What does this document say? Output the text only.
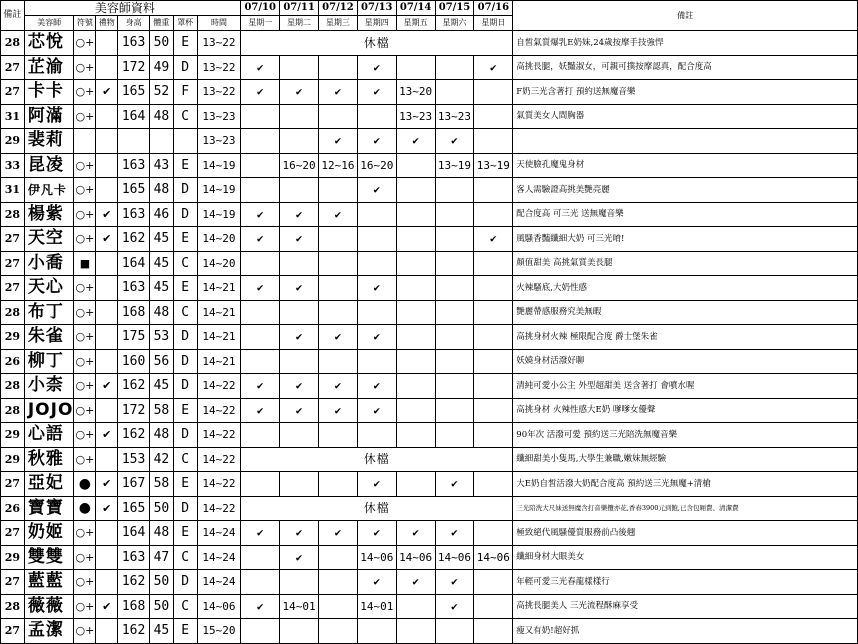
備註	美容師資料							07/10	07/11	07/12	07/13	07/14	07/15	07/16	備註
	美容師	符號	禮物	身高	體重	罩杯	時間	星期一	星期二	星期三	星期四	星期五	星期六	星期日	
28	芯悅	○+		163	50	E	13~22	休檔							自皙氣質爆乳E奶妹,24歲按摩手技強悍
27	芷渝	○+		172	49	D	13~22	✔			✔			✔	高挑長腿，妖豔淑女，可親可撲按摩認真，配合度高
27	卡卡	○+	✔	165	52	F	13~22	✔	✔	✔	✔	13~20			F奶三光含著打 預約送無魔音樂
31	阿滿	○+		164	48	C	13~23					13~23	13~23		氣質美女人間胸器
29	裴莉						13~23			✔	✔	✔	✔		
33	昆凌	○+		163	43	E	14~19		16~20	12~16	16~20		13~19	13~19	天使臉孔魔鬼身材
31	伊凡卡	○+		165	48	D	14~19				✔				客人需驗證高挑美艷亮麗
28	楊紫	○+	✔	163	46	D	14~19	✔	✔	✔					配合度高 可三光 送無魔音樂
27	天空	○+	✔	162	45	E	14~20	✔	✔					✔	風騷香豔纖細大奶 可三光唷!
27	小喬	■		164	45	C	14~20								顏值甜美 高挑氣質美長腿
27	天心	○+		163	45	E	14~21	✔	✔		✔				火辣騷底,大奶性感
28	布丁	○+		168	48	C	14~21								艷麗帶感服務究美無暇
29	朱雀	○+		175	53	D	14~21		✔	✔	✔				高挑身材火辣 極限配合度 爵士堡朱雀
26	柳丁	○+		160	56	D	14~21								妖嬈身材活潑好聊
28	小柰	○+	✔	162	45	D	14~22	✔	✔	✔	✔				清純可愛小公主 外型超甜美 送含著打 會噴水喔
28	JOJO	○+		172	58	E	14~22	✔	✔	✔	✔				高挑身材 火辣性感大E奶 嗲嗲女優聲
29	心語	○+	✔	162	48	D	14~22								90年次 活潑可愛 預約送三光陪洗無魔音樂
29	秋雅	○+		153	42	C	14~22	休檔							纖細甜美小隻馬,大學生兼職,嫩妹無經驗
27	亞妃	●	✔	167	58	E	14~22				✔		✔		大E奶自皙活潑大奶配合度高 預約送三光無魔+清槍
26	寶寶	●	✔	165	50	D	14~22	休檔							三光陪洗大尺妹送無魔含打音樂攬亦花,香舂3900元到飽,已含包厢費、清潔費
27	奶姬	○+		164	48	E	14~24	✔	✔	✔	✔	✔	✔		極致絕代風騷優質服務前凸後翹
29	雙雙	○+		163	47	C	14~24		✔		14~06	14~06	14~06	14~06	纖細身材大眼美女
27	藍藍	○+		162	50	D	14~24				✔	✔	✔		年輕可愛三光春龍樣樣行
28	薇薇	○+	✔	168	50	C	14~06	✔	14~01		14~01		✔		高挑長腿美人 三光流程酥麻享受
27	孟潔	○+		162	45	E	15~20								瘦又有奶!超好抓
